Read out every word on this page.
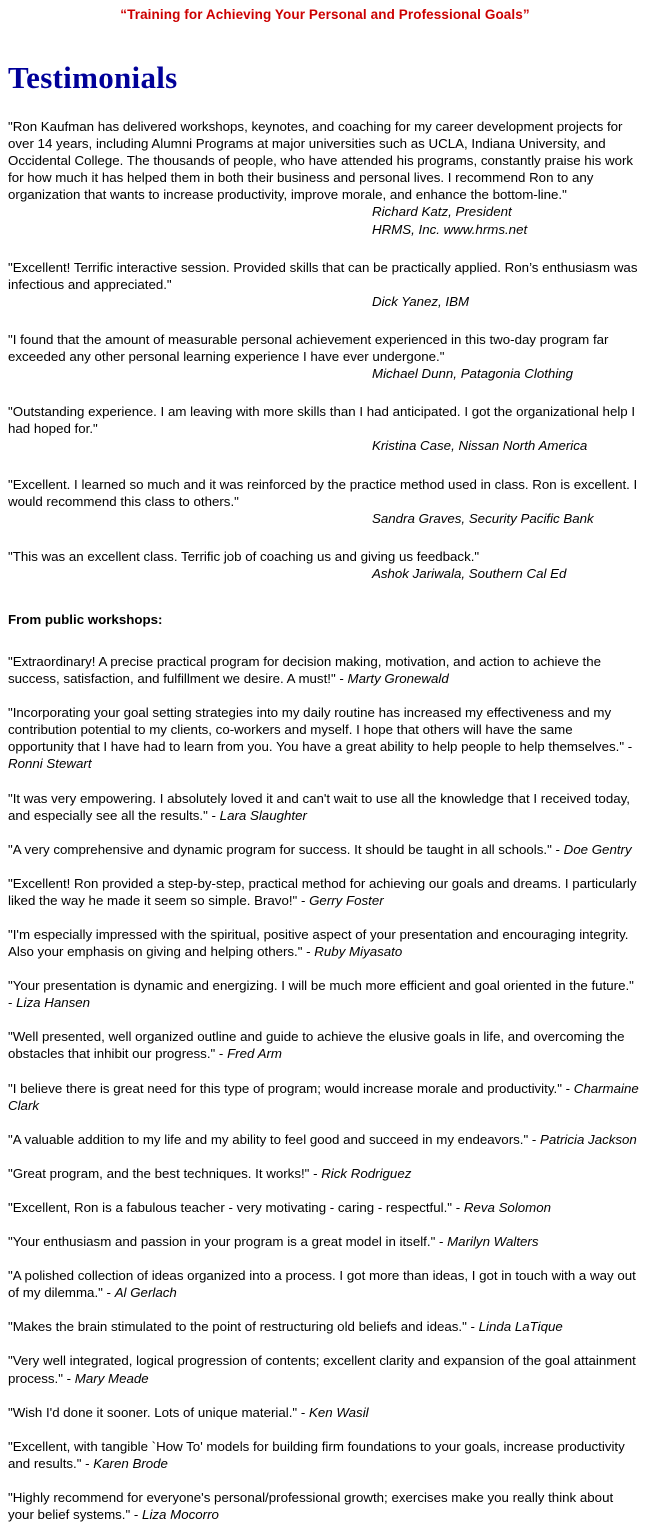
“Training for Achieving Your Personal and Professional Goals”
Testimonials

"Ron Kaufman has delivered workshops, keynotes, and coaching for my career development projects for over 14 years, including Alumni Programs at major universities such as UCLA, Indiana University, and Occidental College. The thousands of people, who have attended his programs, constantly praise his work for how much it has helped them in both their business and personal lives. I recommend Ron to any organization that wants to increase productivity, improve morale, and enhance the bottom-line."

Richard Katz, President

HRMS, Inc. www.hrms.net

"Excellent! Terrific interactive session. Provided skills that can be practically applied. Ron’s enthusiasm was infectious and appreciated."

Dick Yanez, IBM

"I found that the amount of measurable personal achievement experienced in this two-day program far exceeded any other personal learning experience I have ever undergone."

Michael Dunn, Patagonia Clothing

"Outstanding experience. I am leaving with more skills than I had anticipated. I got the organizational help I had hoped for."

Kristina Case, Nissan North America

"Excellent. I learned so much and it was reinforced by the practice method used in class. Ron is excellent. I would recommend this class to others."

Sandra Graves, Security Pacific Bank

"This was an excellent class. Terrific job of coaching us and giving us feedback."

Ashok Jariwala, Southern Cal Ed

From public workshops:

"Extraordinary! A precise practical program for decision making, motivation, and action to achieve the success, satisfaction, and fulfillment we desire. A must!" - Marty Gronewald

"Incorporating your goal setting strategies into my daily routine has increased my effectiveness and my contribution potential to my clients, co-workers and myself. I hope that others will have the same opportunity that I have had to learn from you. You have a great ability to help people to help themselves." - Ronni Stewart

"It was very empowering. I absolutely loved it and can't wait to use all the knowledge that I received today, and especially see all the results." - Lara Slaughter

"A very comprehensive and dynamic program for success. It should be taught in all schools." - Doe Gentry

"Excellent! Ron provided a step-by-step, practical method for achieving our goals and dreams. I particularly liked the way he made it seem so simple. Bravo!" - Gerry Foster

"I'm especially impressed with the spiritual, positive aspect of your presentation and encouraging integrity. Also your emphasis on giving and helping others." - Ruby Miyasato

"Your presentation is dynamic and energizing. I will be much more efficient and goal oriented in the future." - Liza Hansen

"Well presented, well organized outline and guide to achieve the elusive goals in life, and overcoming the obstacles that inhibit our progress." - Fred Arm

"I believe there is great need for this type of program; would increase morale and productivity." - Charmaine Clark

"A valuable addition to my life and my ability to feel good and succeed in my endeavors." - Patricia Jackson

"Great program, and the best techniques. It works!" - Rick Rodriguez

"Excellent, Ron is a fabulous teacher - very motivating - caring - respectful." - Reva Solomon

"Your enthusiasm and passion in your program is a great model in itself." - Marilyn Walters

"A polished collection of ideas organized into a process. I got more than ideas, I got in touch with a way out of my dilemma." - Al Gerlach

"Makes the brain stimulated to the point of restructuring old beliefs and ideas." - Linda LaTique

"Very well integrated, logical progression of contents; excellent clarity and expansion of the goal attainment process." - Mary Meade

"Wish I'd done it sooner. Lots of unique material." - Ken Wasil

"Excellent, with tangible `How To' models for building firm foundations to your goals, increase productivity and results." - Karen Brode

"Highly recommend for everyone's personal/professional growth; exercises make you really think about your belief systems." - Liza Mocorro
